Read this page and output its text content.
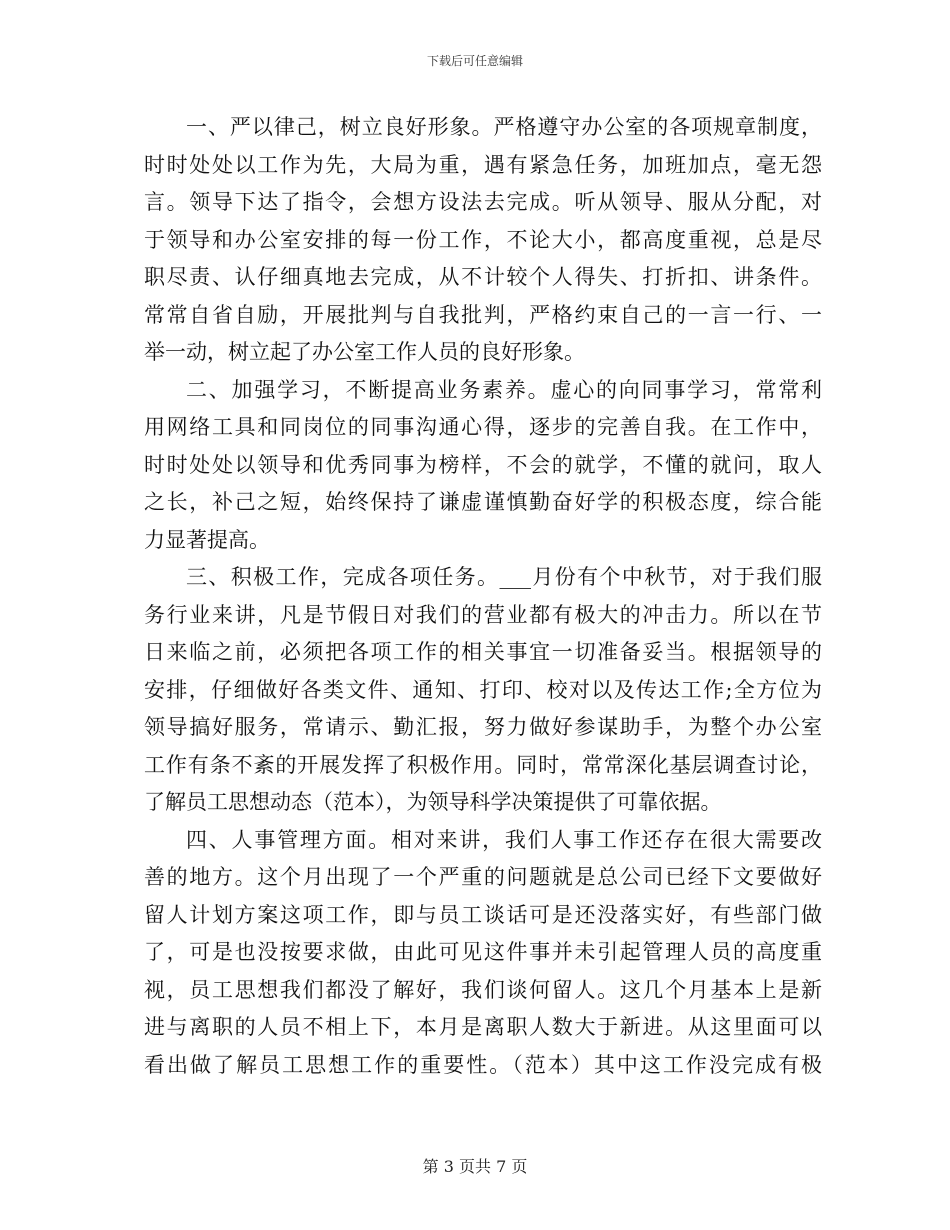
下载后可任意编辑
一、严以律己，树立良好形象。严格遵守办公室的各项规章制度，
时时处处以工作为先，大局为重，遇有紧急任务，加班加点，毫无怨
言。领导下达了指令，会想方设法去完成。听从领导、服从分配，对
于领导和办公室安排的每一份工作，不论大小，都高度重视，总是尽
职尽责、认仔细真地去完成，从不计较个人得失、打折扣、讲条件。
常常自省自励，开展批判与自我批判，严格约束自己的一言一行、一
举一动，树立起了办公室工作人员的良好形象。
二、加强学习，不断提高业务素养。虚心的向同事学习，常常利
用网络工具和同岗位的同事沟通心得，逐步的完善自我。在工作中，
时时处处以领导和优秀同事为榜样，不会的就学，不懂的就问，取人
之长，补己之短，始终保持了谦虚谨慎勤奋好学的积极态度，综合能
力显著提高。
三、积极工作，完成各项任务。___月份有个中秋节，对于我们服
务行业来讲，凡是节假日对我们的营业都有极大的冲击力。所以在节
日来临之前，必须把各项工作的相关事宜一切准备妥当。根据领导的
安排，仔细做好各类文件、通知、打印、校对以及传达工作;全方位为
领导搞好服务，常请示、勤汇报，努力做好参谋助手，为整个办公室
工作有条不紊的开展发挥了积极作用。同时，常常深化基层调查讨论，
了解员工思想动态（范本），为领导科学决策提供了可靠依据。
四、人事管理方面。相对来讲，我们人事工作还存在很大需要改
善的地方。这个月出现了一个严重的问题就是总公司已经下文要做好
留人计划方案这项工作，即与员工谈话可是还没落实好，有些部门做
了，可是也没按要求做，由此可见这件事并未引起管理人员的高度重
视，员工思想我们都没了解好，我们谈何留人。这几个月基本上是新
进与离职的人员不相上下，本月是离职人数大于新进。从这里面可以
看出做了解员工思想工作的重要性。（范本）其中这工作没完成有极
第 3 页共 7 页
